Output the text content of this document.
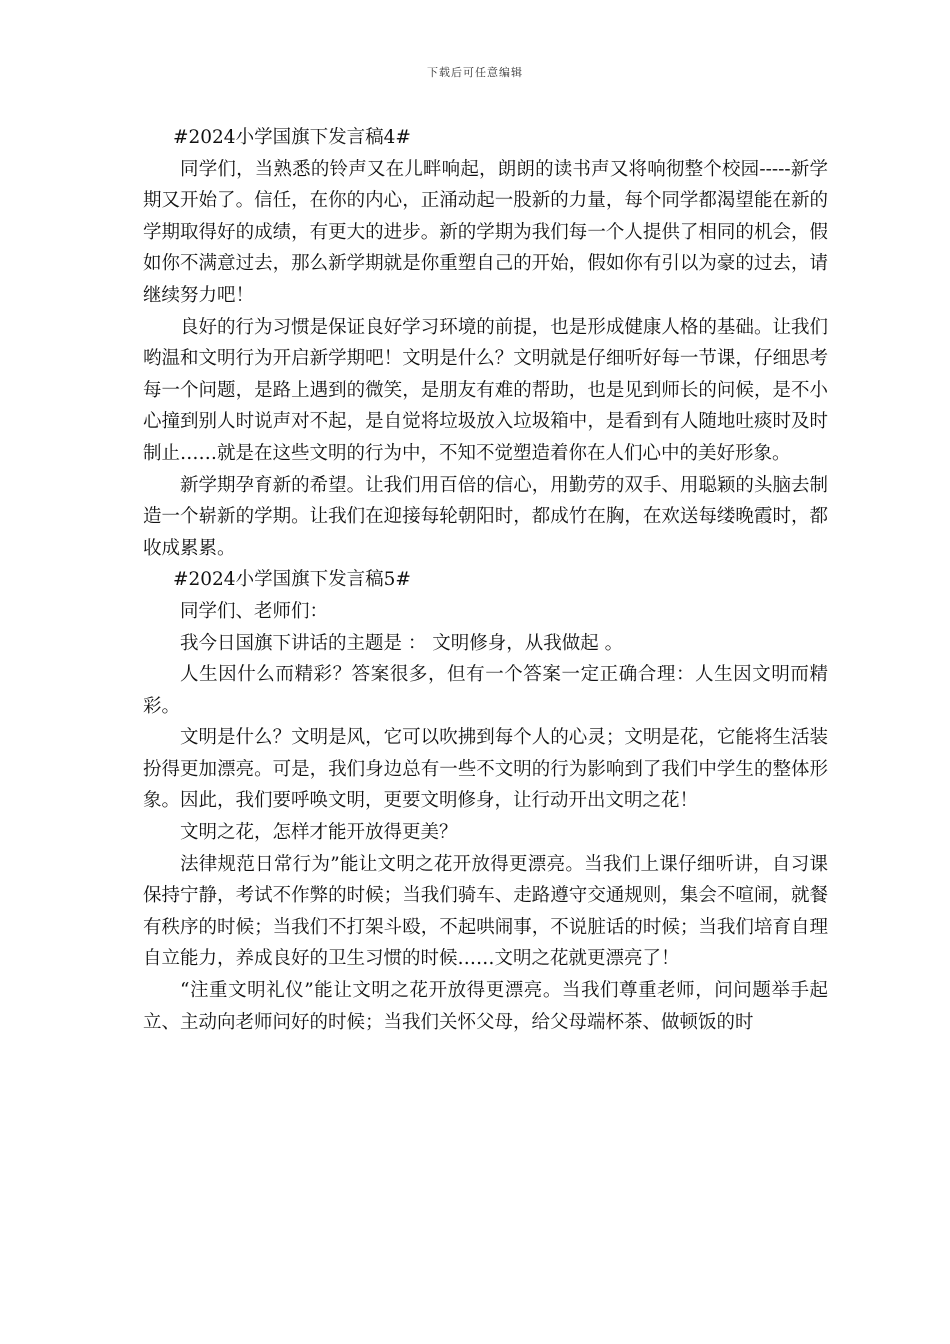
下载后可任意编辑

#2024小学国旗下发言稿4#

同学们，当熟悉的铃声又在儿畔响起，朗朗的读书声又将响彻整个校园-----新学期又开始了。信任，在你的内心，正涌动起一股新的力量，每个同学都渴望能在新的学期取得好的成绩，有更大的进步。新的学期为我们每一个人提供了相同的机会，假如你不满意过去，那么新学期就是你重塑自己的开始，假如你有引以为豪的过去，请继续努力吧！

良好的行为习惯是保证良好学习环境的前提，也是形成健康人格的基础。让我们哟温和文明行为开启新学期吧！文明是什么？文明就是仔细听好每一节课，仔细思考每一个问题，是路上遇到的微笑，是朋友有难的帮助，也是见到师长的问候，是不小心撞到别人时说声对不起，是自觉将垃圾放入垃圾箱中，是看到有人随地吐痰时及时制止……就是在这些文明的行为中，不知不觉塑造着你在人们心中的美好形象。

新学期孕育新的希望。让我们用百倍的信心，用勤劳的双手、用聪颖的头脑去制造一个崭新的学期。让我们在迎接每轮朝阳时，都成竹在胸，在欢送每缕晚霞时，都收成累累。

#2024小学国旗下发言稿5#

同学们、老师们：

我今日国旗下讲话的主题是 ： 文明修身，从我做起 。

人生因什么而精彩？答案很多，但有一个答案一定正确合理：人生因文明而精彩。

文明是什么？文明是风，它可以吹拂到每个人的心灵；文明是花，它能将生活装扮得更加漂亮。可是，我们身边总有一些不文明的行为影响到了我们中学生的整体形象。因此，我们要呼唤文明，更要文明修身，让行动开出文明之花！

文明之花，怎样才能开放得更美？

法律规范日常行为”能让文明之花开放得更漂亮。当我们上课仔细听讲，自习课保持宁静，考试不作弊的时候；当我们骑车、走路遵守交通规则，集会不喧闹，就餐有秩序的时候；当我们不打架斗殴，不起哄闹事，不说脏话的时候；当我们培育自理自立能力，养成良好的卫生习惯的时候……文明之花就更漂亮了！

“注重文明礼仪”能让文明之花开放得更漂亮。当我们尊重老师，问问题举手起立、主动向老师问好的时候；当我们关怀父母，给父母端杯茶、做顿饭的时
